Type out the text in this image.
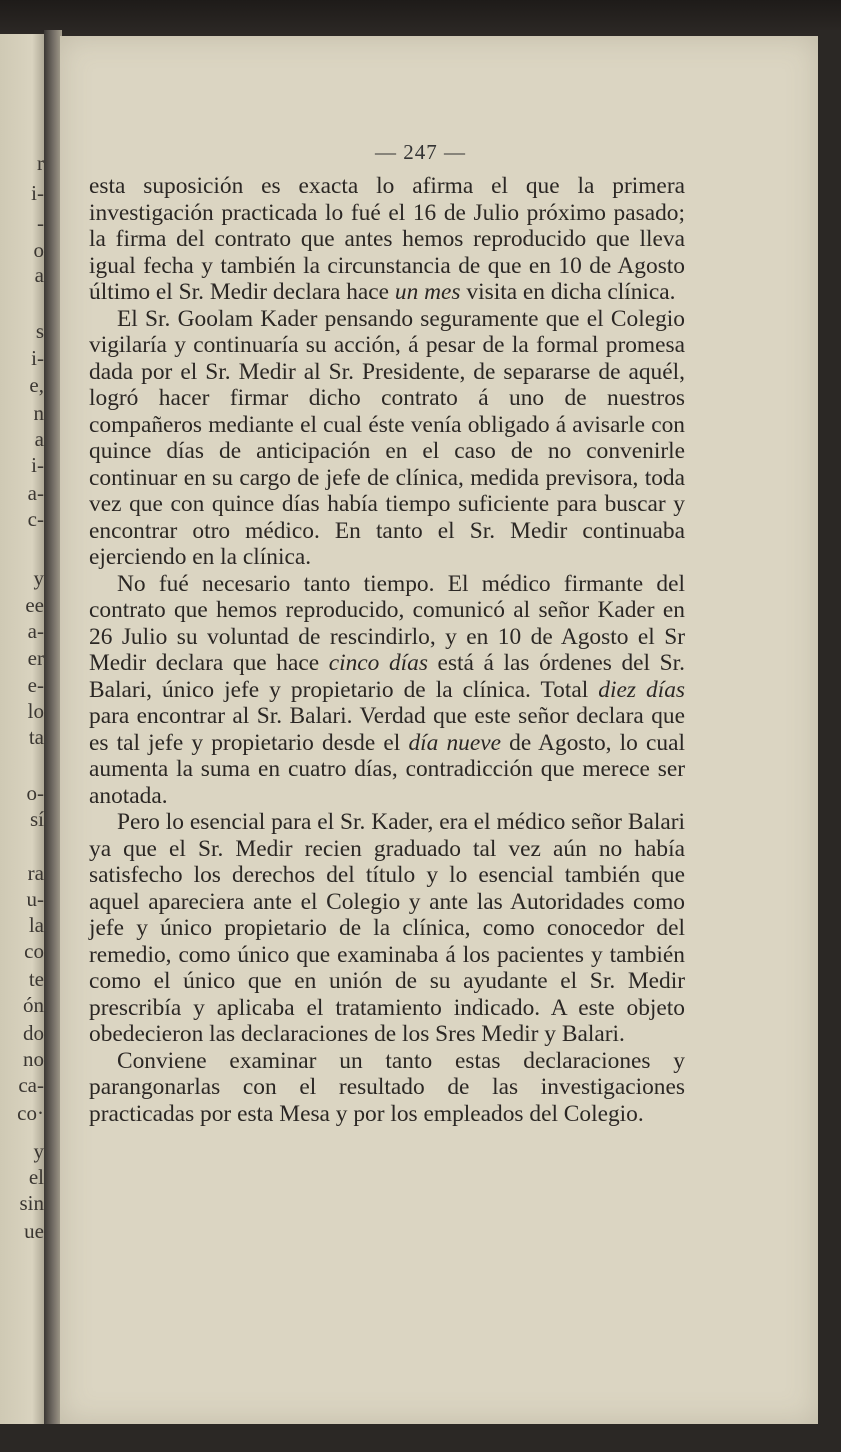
r
i-
-
o
a
s
i-
e,
n
a
i-
a-
c-
y
ee
a-
er
e-
lo
ta
o-
sí
ra
u-
la
co
te
ón
do
no
ca-
co·
y
el
sin
ue
— 247 —

esta suposición es exacta lo afirma el que la primera investigación practicada lo fué el 16 de Julio próximo pasado; la firma del contrato que antes hemos reproducido que lleva igual fecha y también la circunstancia de que en 10 de Agosto último el Sr. Medir declara hace un mes visita en dicha clínica.

El Sr. Goolam Kader pensando seguramente que el Colegio vigilaría y continuaría su acción, á pesar de la formal promesa dada por el Sr. Medir al Sr. Presidente, de separarse de aquél, logró hacer firmar dicho contrato á uno de nuestros compañeros mediante el cual éste venía obligado á avisarle con quince días de anticipación en el caso de no convenirle continuar en su cargo de jefe de clínica, medida previsora, toda vez que con quince días había tiempo suficiente para buscar y encontrar otro médico. En tanto el Sr. Medir continuaba ejerciendo en la clínica.

No fué necesario tanto tiempo. El médico firmante del contrato que hemos reproducido, comunicó al señor Kader en 26 Julio su voluntad de rescindirlo, y en 10 de Agosto el Sr Medir declara que hace cinco días está á las órdenes del Sr. Balari, único jefe y propietario de la clínica. Total diez días para encontrar al Sr. Balari. Verdad que este señor declara que es tal jefe y propietario desde el día nueve de Agosto, lo cual aumenta la suma en cuatro días, contradicción que merece ser anotada.

Pero lo esencial para el Sr. Kader, era el médico señor Balari ya que el Sr. Medir recien graduado tal vez aún no había satisfecho los derechos del título y lo esencial también que aquel apareciera ante el Colegio y ante las Autoridades como jefe y único propietario de la clínica, como conocedor del remedio, como único que examinaba á los pacientes y también como el único que en unión de su ayudante el Sr. Medir prescribía y aplicaba el tratamiento indicado. A este objeto obedecieron las declaraciones de los Sres Medir y Balari.

Conviene examinar un tanto estas declaraciones y parangonarlas con el resultado de las investigaciones practicadas por esta Mesa y por los empleados del Colegio.
